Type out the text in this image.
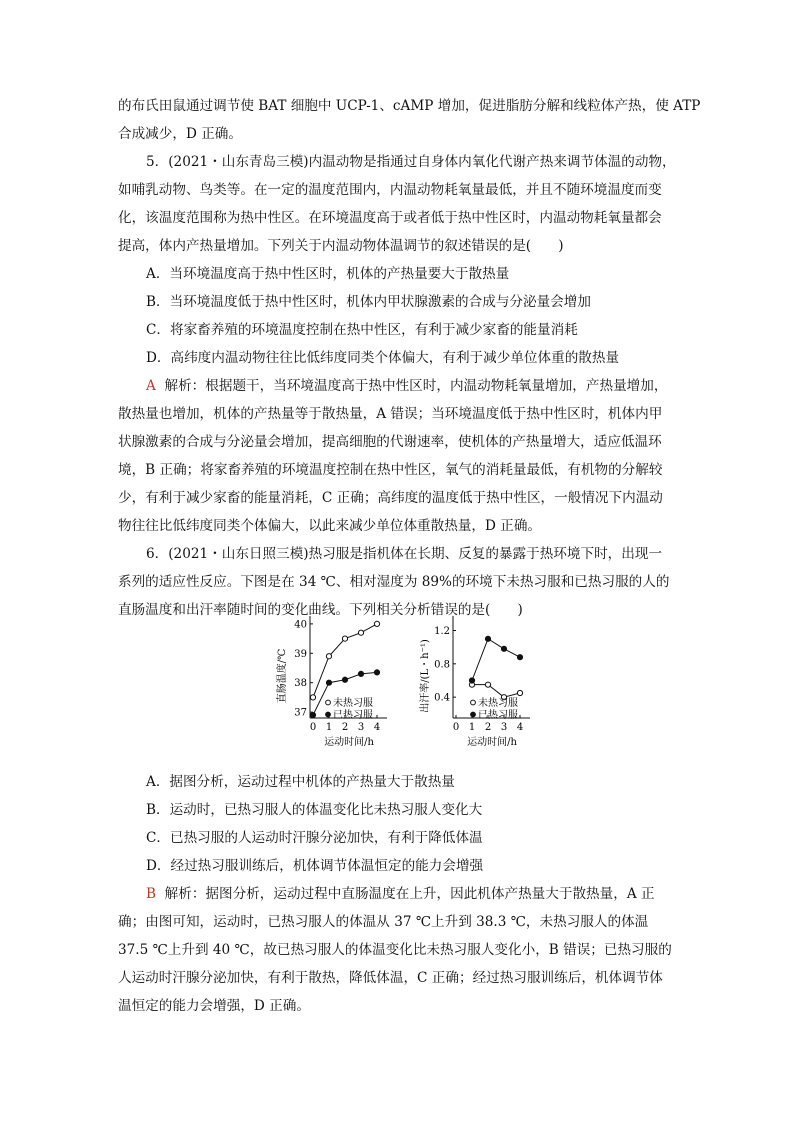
的布氏田鼠通过调节使 BAT 细胞中 UCP-1、cAMP 增加，促进脂肪分解和线粒体产热，使 ATP
合成减少，D 正确。
5．(2021・山东青岛三模)内温动物是指通过自身体内氧化代谢产热来调节体温的动物，
如哺乳动物、鸟类等。在一定的温度范围内，内温动物耗氧量最低，并且不随环境温度而变
化，该温度范围称为热中性区。在环境温度高于或者低于热中性区时，内温动物耗氧量都会
提高，体内产热量增加。下列关于内温动物体温调节的叙述错误的是(　　)
A．当环境温度高于热中性区时，机体的产热量要大于散热量
B．当环境温度低于热中性区时，机体内甲状腺激素的合成与分泌量会增加
C．将家畜养殖的环境温度控制在热中性区，有利于减少家畜的能量消耗
D．高纬度内温动物往往比低纬度同类个体偏大，有利于减少单位体重的散热量
A 解析：根据题干，当环境温度高于热中性区时，内温动物耗氧量增加，产热量增加，
散热量也增加，机体的产热量等于散热量，A 错误；当环境温度低于热中性区时，机体内甲
状腺激素的合成与分泌量会增加，提高细胞的代谢速率，使机体的产热量增大，适应低温环
境，B 正确；将家畜养殖的环境温度控制在热中性区，氧气的消耗量最低，有机物的分解较
少，有利于减少家畜的能量消耗，C 正确；高纬度的温度低于热中性区，一般情况下内温动
物往往比低纬度同类个体偏大，以此来减少单位体重散热量，D 正确。
6．(2021・山东日照三模)热习服是指机体在长期、反复的暴露于热环境下时，出现一
系列的适应性反应。下图是在 34 ℃、相对湿度为 89%的环境下未热习服和已热习服的人的
直肠温度和出汗率随时间的变化曲线。下列相关分析错误的是(　　)
37
38
39
40
0 1 2 3 4
运动时间/h
直肠温度/℃
未热习服
已热习服
0.4
0.8
1.2
0 1 2 3 4
运动时间/h
出汗率/(L・h⁻¹)	未热习服
已热习服
A．据图分析，运动过程中机体的产热量大于散热量
B．运动时，已热习服人的体温变化比未热习服人变化大
C．已热习服的人运动时汗腺分泌加快，有利于降低体温
D．经过热习服训练后，机体调节体温恒定的能力会增强
B 解析：据图分析，运动过程中直肠温度在上升，因此机体产热量大于散热量，A 正
确；由图可知，运动时，已热习服人的体温从 37 ℃上升到 38.3 ℃，未热习服人的体温
37.5 ℃上升到 40 ℃，故已热习服人的体温变化比未热习服人变化小，B 错误；已热习服的
人运动时汗腺分泌加快，有利于散热，降低体温，C 正确；经过热习服训练后，机体调节体
温恒定的能力会增强，D 正确。
